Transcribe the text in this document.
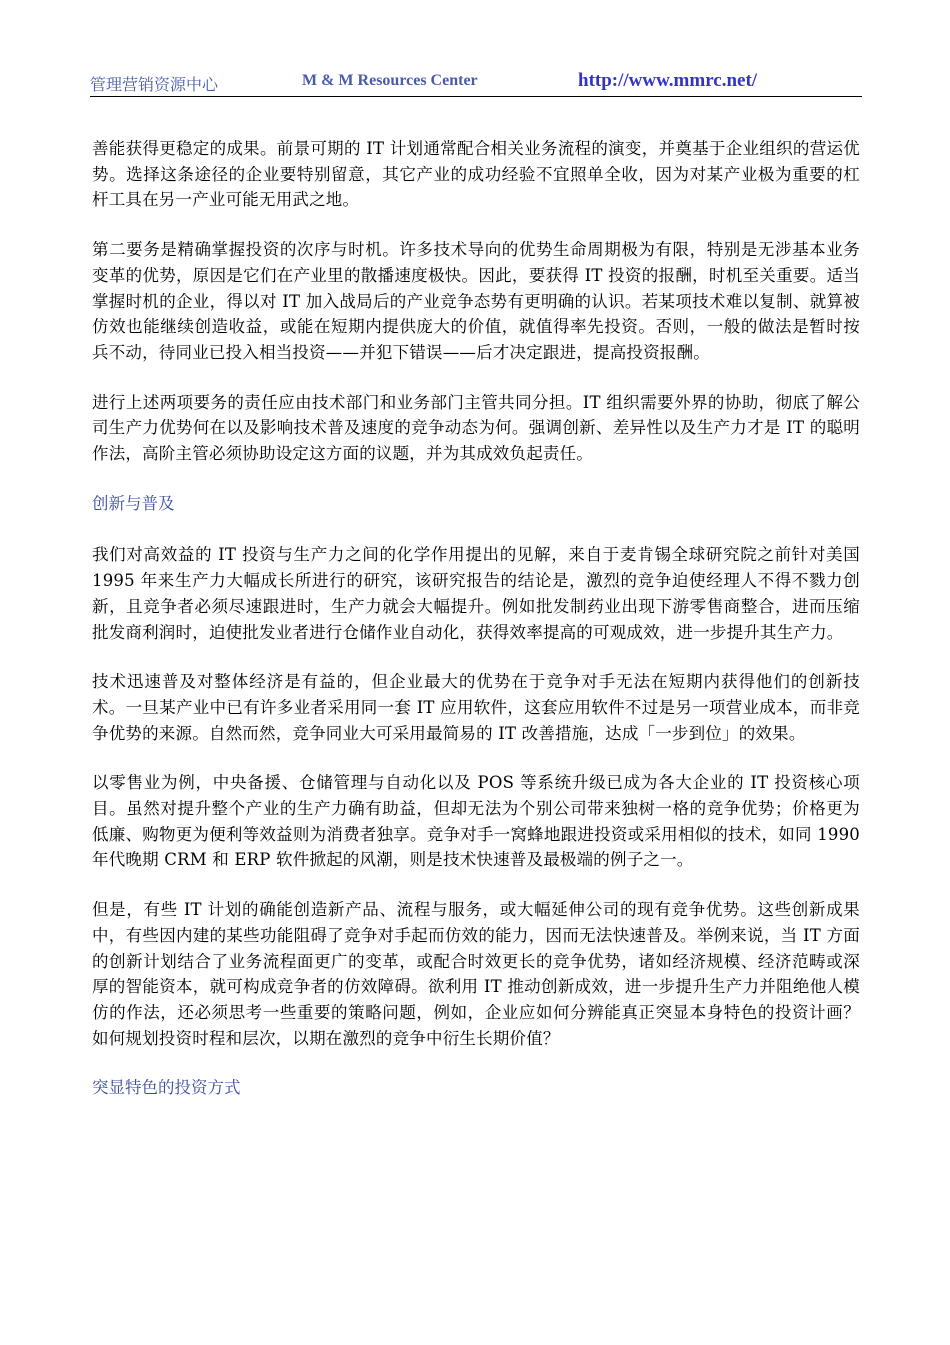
管理营销资源中心	M & M Resources Center	http://www.mmrc.net/

善能获得更稳定的成果。前景可期的 IT 计划通常配合相关业务流程的演变，并奠基于企业组织的营运优势。选择这条途径的企业要特别留意，其它产业的成功经验不宜照单全收，因为对某产业极为重要的杠杆工具在另一产业可能无用武之地。

第二要务是精确掌握投资的次序与时机。许多技术导向的优势生命周期极为有限，特别是无涉基本业务变革的优势，原因是它们在产业里的散播速度极快。因此，要获得 IT 投资的报酬，时机至关重要。适当掌握时机的企业，得以对 IT 加入战局后的产业竞争态势有更明确的认识。若某项技术难以复制、就算被仿效也能继续创造收益，或能在短期内提供庞大的价值，就值得率先投资。否则，一般的做法是暂时按兵不动，待同业已投入相当投资——并犯下错误——后才决定跟进，提高投资报酬。

进行上述两项要务的责任应由技术部门和业务部门主管共同分担。IT 组织需要外界的协助，彻底了解公司生产力优势何在以及影响技术普及速度的竞争动态为何。强调创新、差异性以及生产力才是 IT 的聪明作法，高阶主管必须协助设定这方面的议题，并为其成效负起责任。

创新与普及

我们对高效益的 IT 投资与生产力之间的化学作用提出的见解，来自于麦肯锡全球研究院之前针对美国 1995 年来生产力大幅成长所进行的研究，该研究报告的结论是，激烈的竞争迫使经理人不得不戮力创新，且竞争者必须尽速跟进时，生产力就会大幅提升。例如批发制药业出现下游零售商整合，进而压缩批发商利润时，迫使批发业者进行仓储作业自动化，获得效率提高的可观成效，进一步提升其生产力。

技术迅速普及对整体经济是有益的，但企业最大的优势在于竞争对手无法在短期内获得他们的创新技术。一旦某产业中已有许多业者采用同一套 IT 应用软件，这套应用软件不过是另一项营业成本，而非竞争优势的来源。自然而然，竞争同业大可采用最简易的 IT 改善措施，达成「一步到位」的效果。

以零售业为例，中央备援、仓储管理与自动化以及 POS 等系统升级已成为各大企业的 IT 投资核心项目。虽然对提升整个产业的生产力确有助益，但却无法为个别公司带来独树一格的竞争优势；价格更为低廉、购物更为便利等效益则为消费者独享。竞争对手一窝蜂地跟进投资或采用相似的技术，如同 1990 年代晚期 CRM 和 ERP 软件掀起的风潮，则是技术快速普及最极端的例子之一。

但是，有些 IT 计划的确能创造新产品、流程与服务，或大幅延伸公司的现有竞争优势。这些创新成果中，有些因内建的某些功能阻碍了竞争对手起而仿效的能力，因而无法快速普及。举例来说，当 IT 方面的创新计划结合了业务流程面更广的变革，或配合时效更长的竞争优势，诸如经济规模、经济范畴或深厚的智能资本，就可构成竞争者的仿效障碍。欲利用 IT 推动创新成效，进一步提升生产力并阻绝他人模仿的作法，还必须思考一些重要的策略问题，例如，企业应如何分辨能真正突显本身特色的投资计画？如何规划投资时程和层次，以期在激烈的竞争中衍生长期价值？

突显特色的投资方式
